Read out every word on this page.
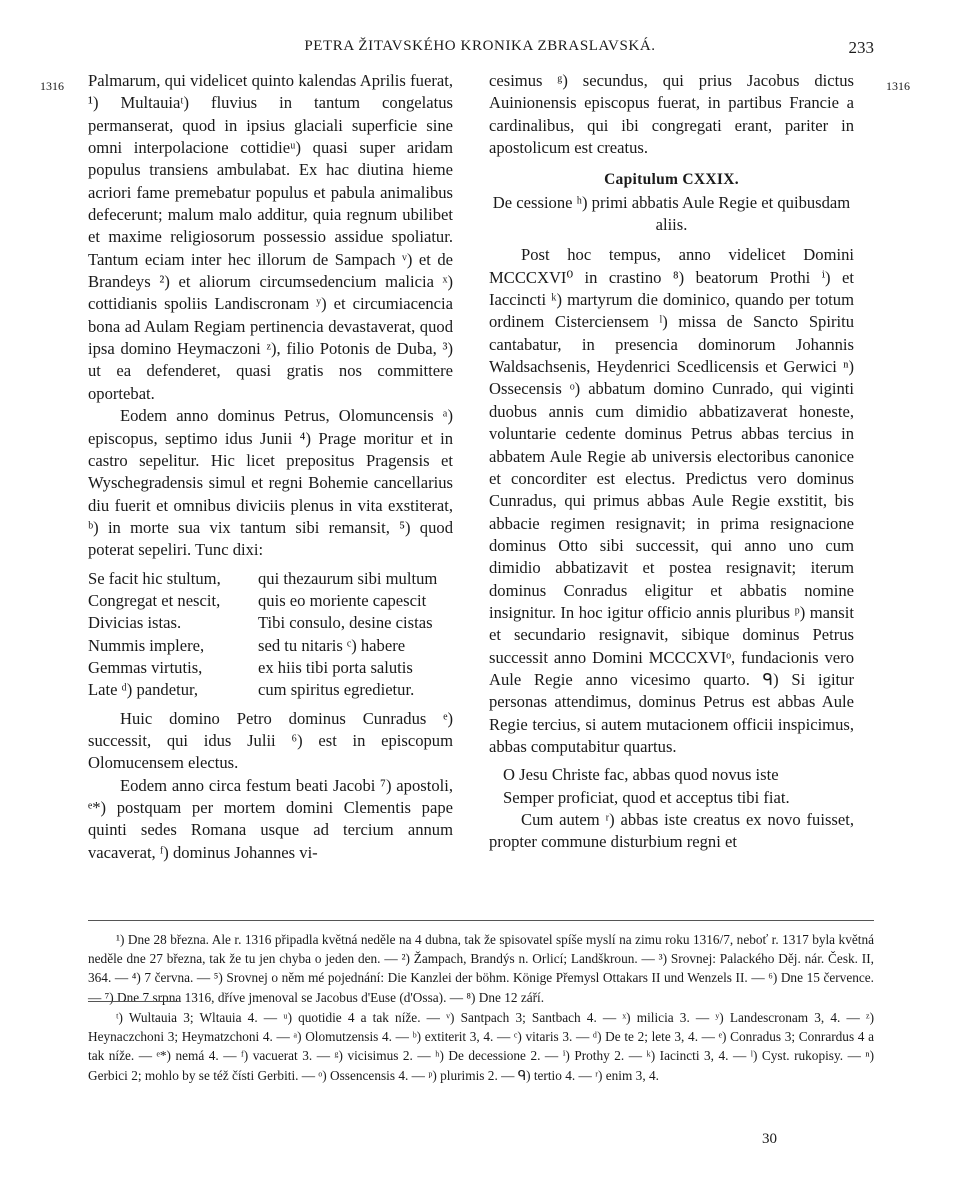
PETRA ŽITAVSKÉHO KRONIKA ZBRASLAVSKÁ.	233
1316	1316

Palmarum, qui videlicet quinto kalendas Aprilis fuerat, ¹) Multauiaᵗ) fluvius in tantum congelatus permanserat, quod in ipsius glaciali superficie sine omni interpolacione cottidieᵘ) quasi super aridam populus transiens ambulabat. Ex hac diutina hieme acriori fame premebatur populus et pabula animalibus defecerunt; malum malo additur, quia regnum ubilibet et maxime religiosorum possessio assidue spoliatur. Tantum eciam inter hec illorum de Sampach ᵛ) et de Brandeys ²) et aliorum circumsedencium malicia ˣ) cottidianis spoliis Landiscronam ʸ) et circumiacencia bona ad Aulam Regiam pertinencia devastaverat, quod ipsa domino Heymaczoni ᶻ), filio Potonis de Duba, ³) ut ea defenderet, quasi gratis nos committere oportebat.

Eodem anno dominus Petrus, Olomuncensis ᵃ) episcopus, septimo idus Junii ⁴) Prage moritur et in castro sepelitur. Hic licet prepositus Pragensis et Wyschegradensis simul et regni Bohemie cancellarius diu fuerit et omnibus diviciis plenus in vita exstiterat, ᵇ) in morte sua vix tantum sibi remansit, ⁵) quod poterat sepeliri. Tunc dixi:

Se facit hic stultum,	qui thezaurum sibi multum
Congregat et nescit,	quis eo moriente capescit
Divicias istas.	Tibi consulo, desine cistas
Nummis implere,	sed tu nitaris ᶜ) habere
Gemmas virtutis,	ex hiis tibi porta salutis
Late ᵈ) pandetur,	cum spiritus egredietur.

Huic domino Petro dominus Cunradus ᵉ) successit, qui idus Julii ⁶) est in episcopum Olomucensem electus.

Eodem anno circa festum beati Jacobi ⁷) apostoli, ᵉ*) postquam per mortem domini Clementis pape quinti sedes Romana usque ad tercium annum vacaverat, ᶠ) dominus Johannes vi-

cesimus ᵍ) secundus, qui prius Jacobus dictus Auinionensis episcopus fuerat, in partibus Francie a cardinalibus, qui ibi congregati erant, pariter in apostolicum est creatus.

Capitulum CXXIX.
De cessione ʰ) primi abbatis Aule Regie et quibusdam aliis.

Post hoc tempus, anno videlicet Domini MCCCXVI⁰ in crastino ⁸) beatorum Prothi ⁱ) et Iaccincti ᵏ) martyrum die dominico, quando per totum ordinem Cisterciensem ˡ) missa de Sancto Spiritu cantabatur, in presencia dominorum Johannis Waldsachsenis, Heydenrici Scedlicensis et Gerwici ⁿ) Ossecensis ᵒ) abbatum domino Cunrado, qui viginti duobus annis cum dimidio abbatizaverat honeste, voluntarie cedente dominus Petrus abbas tercius in abbatem Aule Regie ab universis electoribus canonice et concorditer est electus. Predictus vero dominus Cunradus, qui primus abbas Aule Regie exstitit, bis abbacie regimen resignavit; in prima resignacione dominus Otto sibi successit, qui anno uno cum dimidio abbatizavit et postea resignavit; iterum dominus Conradus eligitur et abbatis nomine insignitur. In hoc igitur officio annis pluribus ᵖ) mansit et secundario resignavit, sibique dominus Petrus successit anno Domini MCCCXVIᵒ, fundacionis vero Aule Regie anno vicesimo quarto. ᑫ) Si igitur personas attendimus, dominus Petrus est abbas Aule Regie tercius, si autem mutacionem officii inspicimus, abbas computabitur quartus.

O Jesu Christe fac, abbas quod novus iste
Semper proficiat, quod et acceptus tibi fiat.

Cum autem ʳ) abbas iste creatus ex novo fuisset, propter commune disturbium regni et

¹) Dne 28 března. Ale r. 1316 připadla květná neděle na 4 dubna, tak že spisovatel spíše myslí na zimu roku 1316/7, neboť r. 1317 byla květná neděle dne 27 března, tak že tu jen chyba o jeden den. — ²) Žampach, Brandýs n. Orlicí; Landškroun. — ³) Srovnej: Palackého Děj. nár. Česk. II, 364. — ⁴) 7 června. — ⁵) Srovnej o něm mé pojednání: Die Kanzlei der böhm. Könige Přemysl Ottakars II und Wenzels II. — ⁶) Dne 15 července. — ⁷) Dne 7 srpna 1316, dříve jmenoval se Jacobus d'Euse (d'Ossa). — ⁸) Dne 12 září.

ᵗ) Wultauia 3; Wltauia 4. — ᵘ) quotidie 4 a tak níže. — ᵛ) Santpach 3; Santbach 4. — ˣ) milicia 3. — ʸ) Landescronam 3, 4. — ᶻ) Heynaczchoni 3; Heymatzchoni 4. — ᵃ) Olomutzensis 4. — ᵇ) extiterit 3, 4. — ᶜ) vitaris 3. — ᵈ) De te 2; lete 3, 4. — ᵉ) Conradus 3; Conrardus 4 a tak níže. — ᵉ*) nemá 4. — ᶠ) vacuerat 3. — ᵍ) vicisimus 2. — ʰ) De decessione 2. — ⁱ) Prothy 2. — ᵏ) Iacincti 3, 4. — ˡ) Cyst. rukopisy. — ⁿ) Gerbici 2; mohlo by se též čísti Gerbiti. — ᵒ) Ossencensis 4. — ᵖ) plurimis 2. — ᑫ) tertio 4. — ʳ) enim 3, 4.

30
